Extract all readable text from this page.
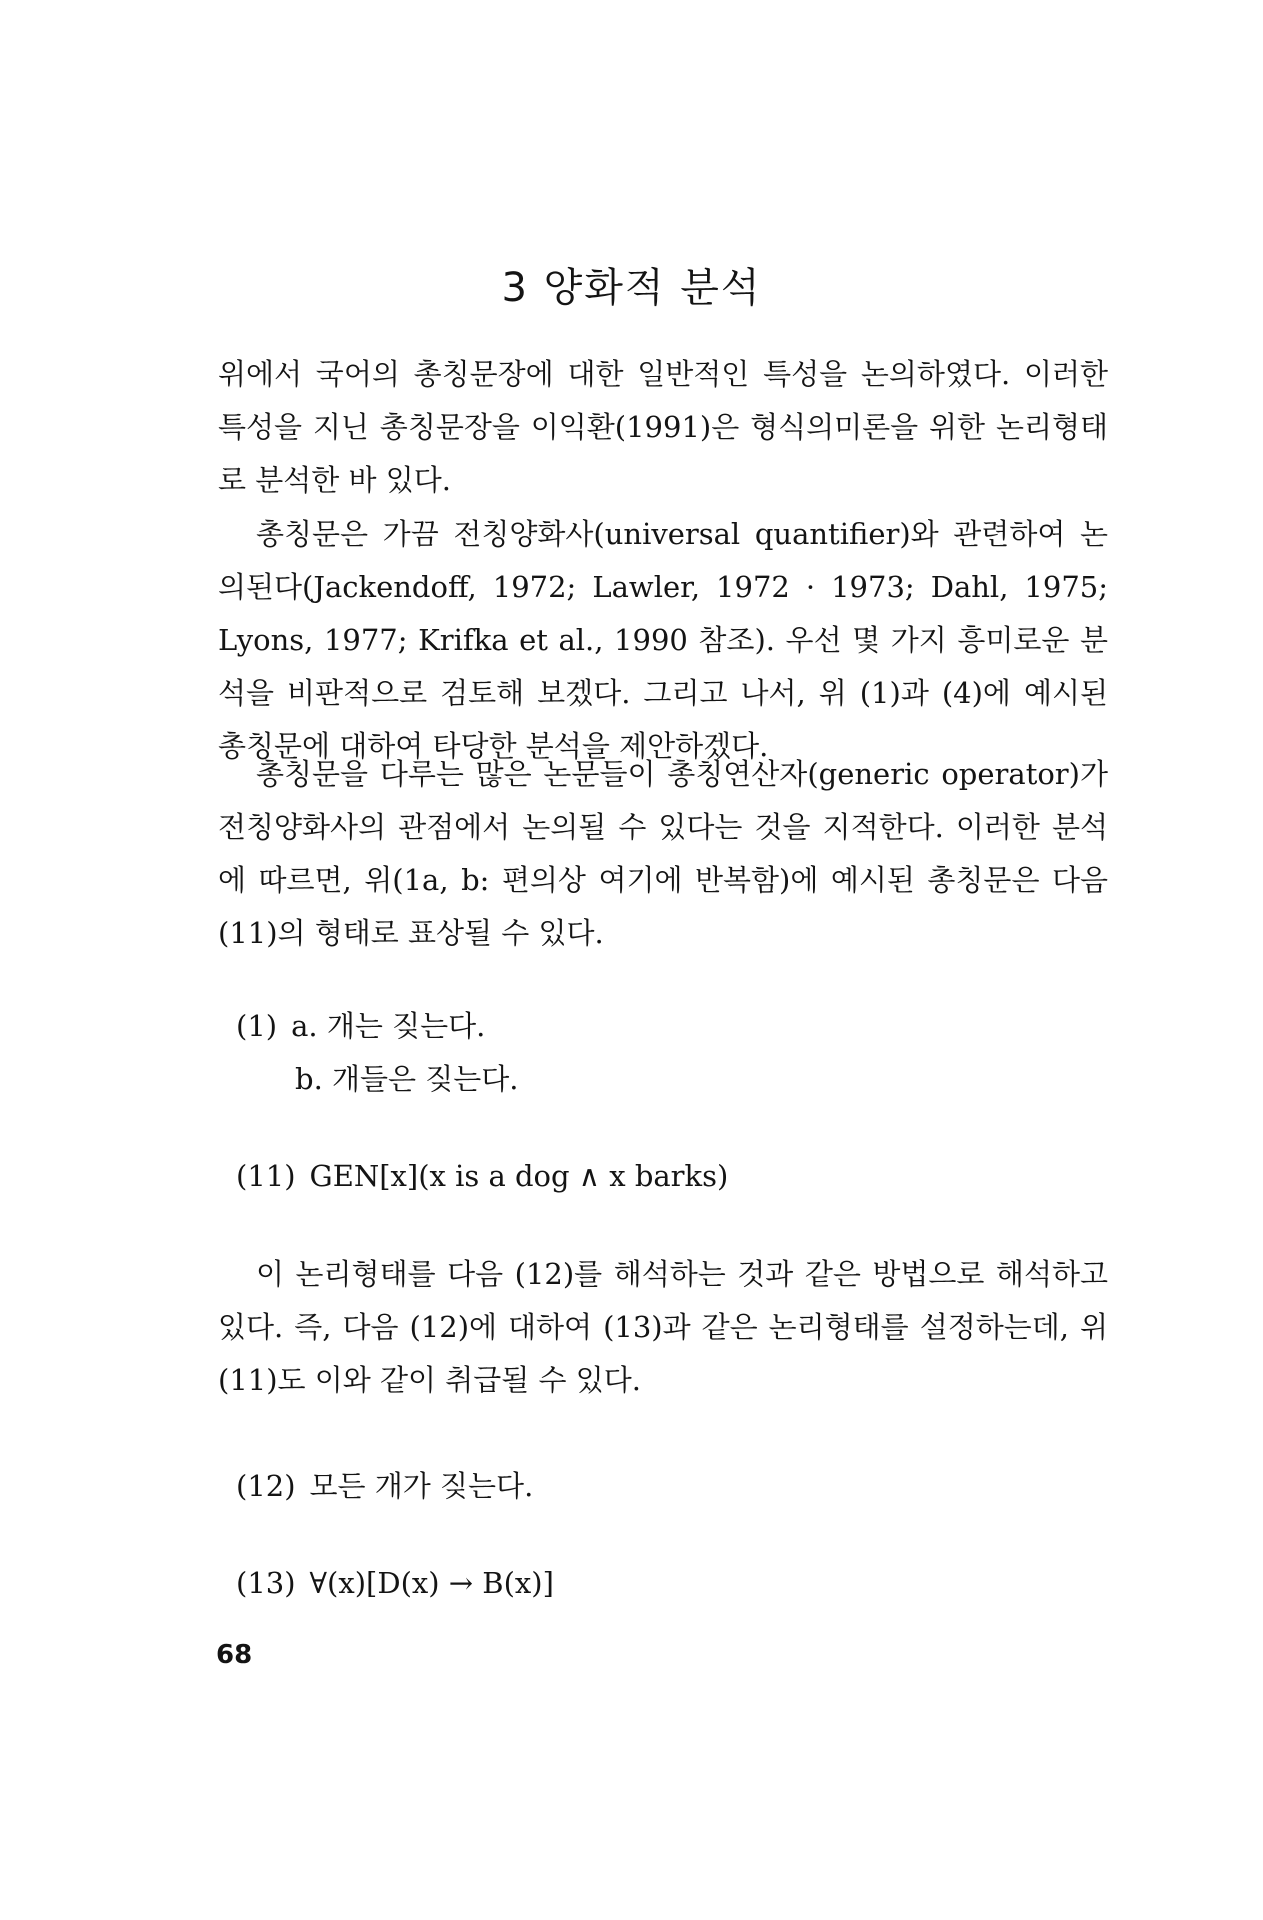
3 양화적 분석

위에서 국어의 총칭문장에 대한 일반적인 특성을 논의하였다. 이러한 특성을 지닌 총칭문장을 이익환(1991)은 형식의미론을 위한 논리형태로 분석한 바 있다.

총칭문은 가끔 전칭양화사(universal quantifier)와 관련하여 논의된다(Jackendoff, 1972; Lawler, 1972 · 1973; Dahl, 1975; Lyons, 1977; Krifka et al., 1990 참조). 우선 몇 가지 흥미로운 분석을 비판적으로 검토해 보겠다. 그리고 나서, 위 (1)과 (4)에 예시된 총칭문에 대하여 타당한 분석을 제안하겠다.

총칭문을 다루는 많은 논문들이 총칭연산자(generic operator)가 전칭양화사의 관점에서 논의될 수 있다는 것을 지적한다. 이러한 분석에 따르면, 위(1a, b: 편의상 여기에 반복함)에 예시된 총칭문은 다음 (11)의 형태로 표상될 수 있다.

(1) a. 개는 짖는다.
b. 개들은 짖는다.
(11) GEN[x](x is a dog ∧ x barks)

이 논리형태를 다음 (12)를 해석하는 것과 같은 방법으로 해석하고 있다. 즉, 다음 (12)에 대하여 (13)과 같은 논리형태를 설정하는데, 위 (11)도 이와 같이 취급될 수 있다.

(12) 모든 개가 짖는다.
(13) ∀(x)[D(x) → B(x)]
68
